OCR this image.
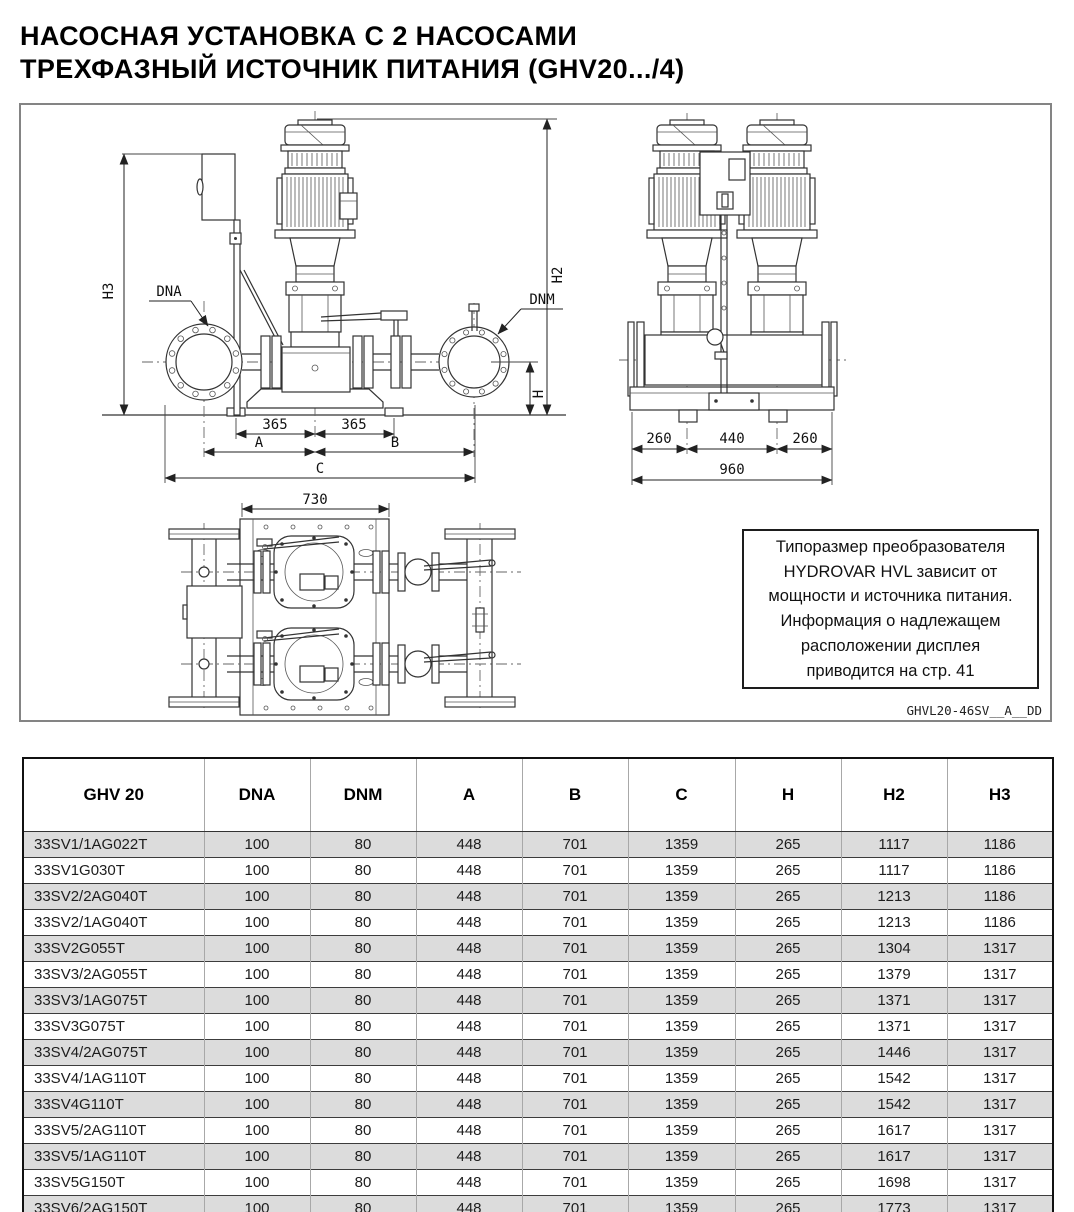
НАСОСНАЯ УСТАНОВКА С 2 НАСОСАМИ
ТРЕХФАЗНЫЙ ИСТОЧНИК ПИТАНИЯ (GHV20.../4)
H3
H2
H
DNA	DNM
365	365
A	B
C
730
260	440	260
960
Типоразмер преобразователя
HYDROVAR HVL зависит от
мощности и источника питания.
Информация о надлежащем
расположении дисплея
приводится на стр. 41
GHVL20-46SV__A__DD
GHV 20	DNA	DNM	A	B	C	H	H2	H3
33SV1/1AG022T	100	80	448	701	1359	265	1117	1186
33SV1G030T	100	80	448	701	1359	265	1117	1186
33SV2/2AG040T	100	80	448	701	1359	265	1213	1186
33SV2/1AG040T	100	80	448	701	1359	265	1213	1186
33SV2G055T	100	80	448	701	1359	265	1304	1317
33SV3/2AG055T	100	80	448	701	1359	265	1379	1317
33SV3/1AG075T	100	80	448	701	1359	265	1371	1317
33SV3G075T	100	80	448	701	1359	265	1371	1317
33SV4/2AG075T	100	80	448	701	1359	265	1446	1317
33SV4/1AG110T	100	80	448	701	1359	265	1542	1317
33SV4G110T	100	80	448	701	1359	265	1542	1317
33SV5/2AG110T	100	80	448	701	1359	265	1617	1317
33SV5/1AG110T	100	80	448	701	1359	265	1617	1317
33SV5G150T	100	80	448	701	1359	265	1698	1317
33SV6/2AG150T	100	80	448	701	1359	265	1773	1317
